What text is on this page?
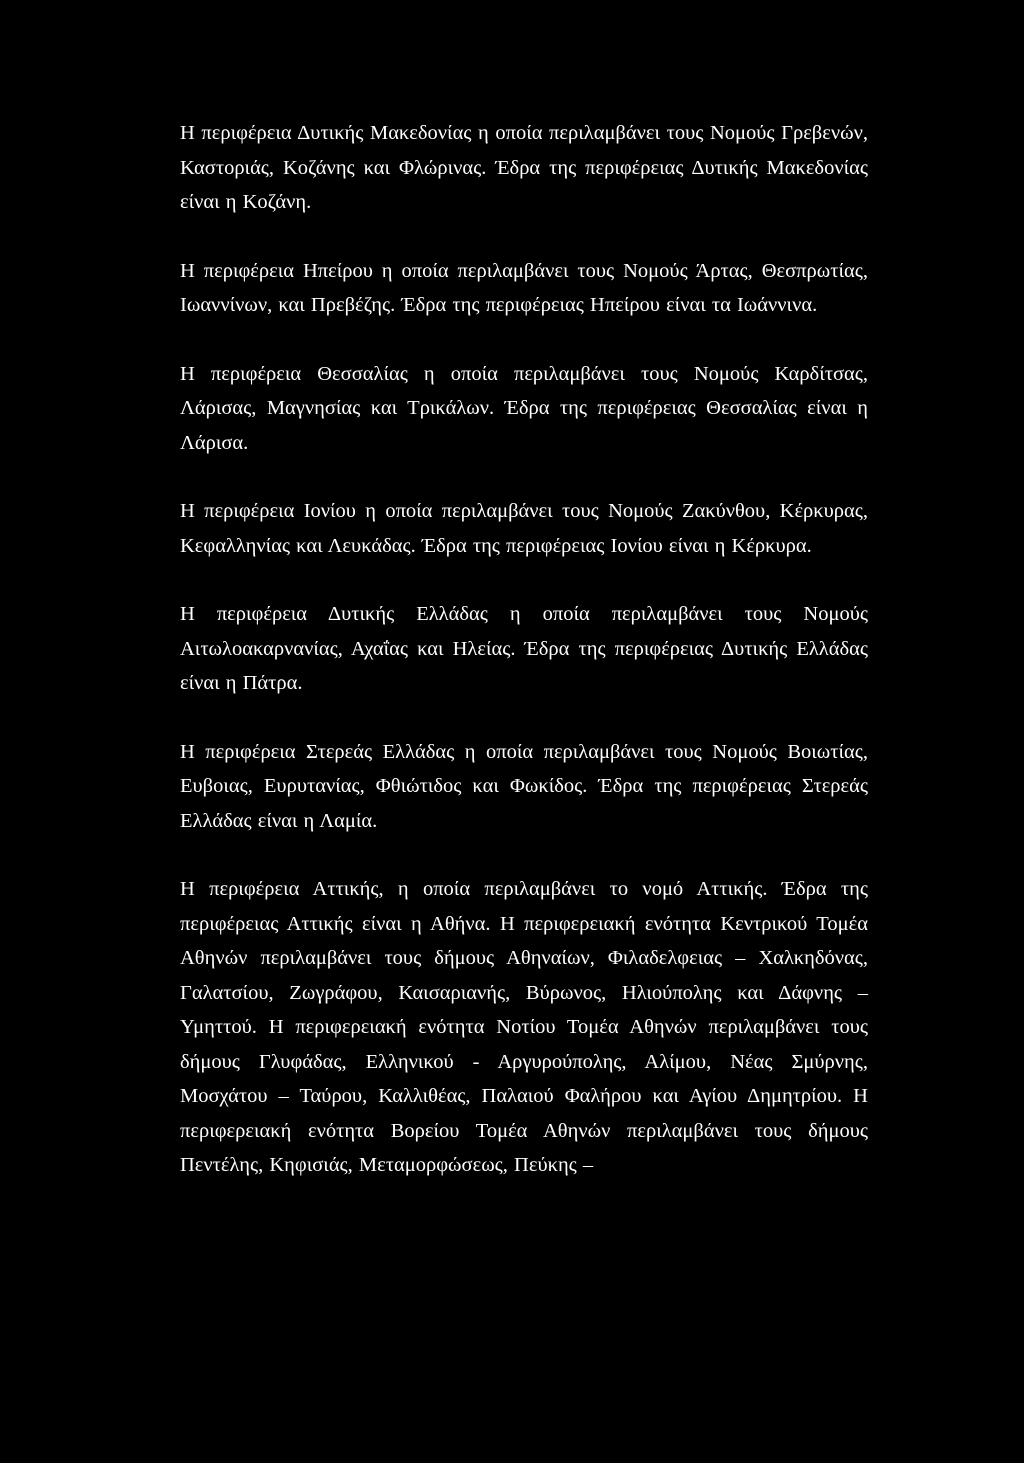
Η περιφέρεια Δυτικής Μακεδονίας η οποία περιλαμβάνει τους Νομούς Γρεβενών, Καστοριάς, Κοζάνης και Φλώρινας. Έδρα της περιφέρειας Δυτικής Μακεδονίας είναι η Κοζάνη.

Η περιφέρεια Ηπείρου η οποία περιλαμβάνει τους Νομούς Άρτας, Θεσπρωτίας, Ιωαννίνων, και Πρεβέζης. Έδρα της περιφέρειας Ηπείρου είναι τα Ιωάννινα.

Η περιφέρεια Θεσσαλίας η οποία περιλαμβάνει τους Νομούς Καρδίτσας, Λάρισας, Μαγνησίας και Τρικάλων. Έδρα της περιφέρειας Θεσσαλίας είναι η Λάρισα.

Η περιφέρεια Ιονίου η οποία περιλαμβάνει τους Νομούς Ζακύνθου, Κέρκυρας, Κεφαλληνίας και Λευκάδας. Έδρα της περιφέρειας Ιονίου είναι η Κέρκυρα.

Η περιφέρεια Δυτικής Ελλάδας η οποία περιλαμβάνει τους Νομούς Αιτωλοακαρνανίας, Αχαΐας και Ηλείας. Έδρα της περιφέρειας Δυτικής Ελλάδας είναι η Πάτρα.

Η περιφέρεια Στερεάς Ελλάδας η οποία περιλαμβάνει τους Νομούς Βοιωτίας, Ευβοιας, Ευρυτανίας, Φθιώτιδος και Φωκίδος. Έδρα της περιφέρειας Στερεάς Ελλάδας είναι η Λαμία.

Η περιφέρεια Αττικής, η οποία περιλαμβάνει το νομό Αττικής. Έδρα της περιφέρειας Αττικής είναι η Αθήνα. Η περιφερειακή ενότητα Κεντρικού Τομέα Αθηνών περιλαμβάνει τους δήμους Αθηναίων, Φιλαδελφειας – Χαλκηδόνας, Γαλατσίου, Ζωγράφου, Καισαριανής, Βύρωνος, Ηλιούπολης και Δάφνης – Υμηττού. Η περιφερειακή ενότητα Νοτίου Τομέα Αθηνών περιλαμβάνει τους δήμους Γλυφάδας, Ελληνικού - Αργυρούπολης, Αλίμου, Νέας Σμύρνης, Μοσχάτου – Ταύρου, Καλλιθέας, Παλαιού Φαλήρου και Αγίου Δημητρίου. Η περιφερειακή ενότητα Βορείου Τομέα Αθηνών περιλαμβάνει τους δήμους Πεντέλης, Κηφισιάς, Μεταμορφώσεως, Πεύκης –
